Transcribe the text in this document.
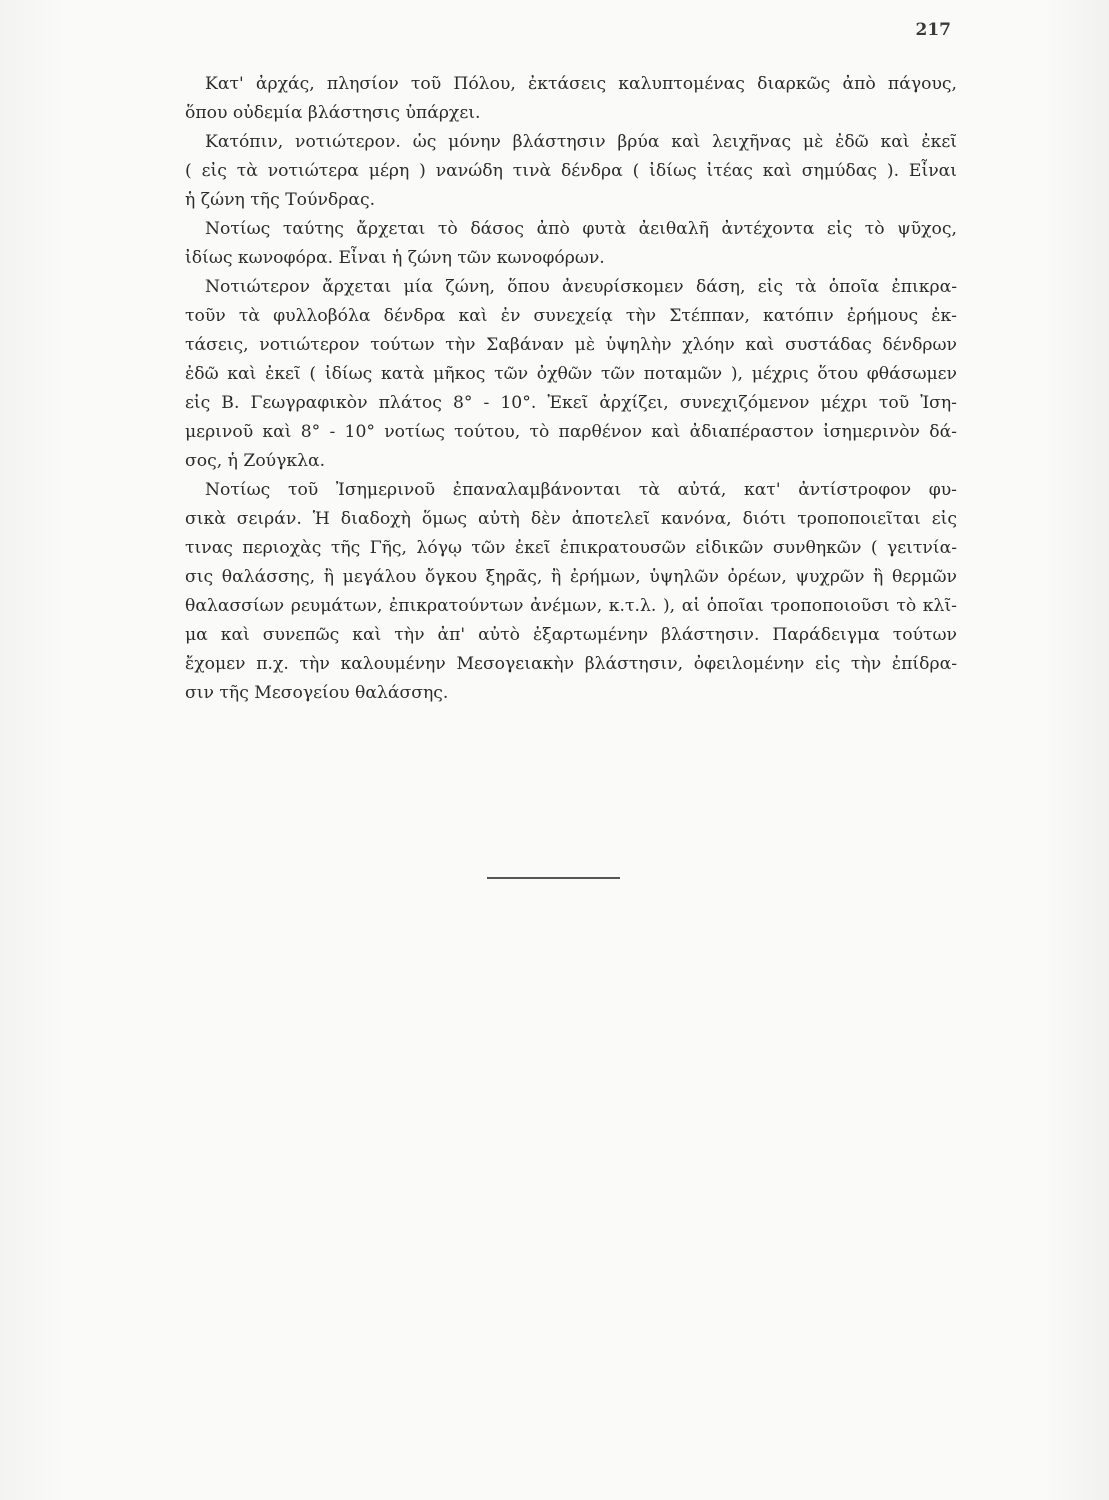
217
Κατ' ἀρχάς, πλησίον τοῦ Πόλου, ἐκτάσεις καλυπτομένας διαρκῶς ἀπὸ πάγους,
ὅπου οὐδεμία βλάστησις ὑπάρχει.
Κατόπιν, νοτιώτερον. ὡς μόνην βλάστησιν βρύα καὶ λειχῆνας μὲ ἐδῶ καὶ ἐκεῖ
( εἰς τὰ νοτιώτερα μέρη ) νανώδη τινὰ δένδρα ( ἰδίως ἰτέας καὶ σημύδας ). Εἶναι
ἡ ζώνη τῆς Τούνδρας.
Νοτίως ταύτης ἄρχεται τὸ δάσος ἀπὸ φυτὰ ἀειθαλῆ ἀντέχοντα εἰς τὸ ψῦχος,
ἰδίως κωνοφόρα. Εἶναι ἡ ζώνη τῶν κωνοφόρων.
Νοτιώτερον ἄρχεται μία ζώνη, ὅπου ἀνευρίσκομεν δάση, εἰς τὰ ὁποῖα ἐπικρα-
τοῦν τὰ φυλλοβόλα δένδρα καὶ ἐν συνεχείᾳ τὴν Στέππαν, κατόπιν ἐρήμους ἐκ-
τάσεις, νοτιώτερον τούτων τὴν Σαβάναν μὲ ὑψηλὴν χλόην καὶ συστάδας δένδρων
ἐδῶ καὶ ἐκεῖ ( ἰδίως κατὰ μῆκος τῶν ὀχθῶν τῶν ποταμῶν ), μέχρις ὅτου φθάσωμεν
εἰς Β. Γεωγραφικὸν πλάτος 8° - 10°. Ἐκεῖ ἀρχίζει, συνεχιζόμενον μέχρι τοῦ Ἰση-
μερινοῦ καὶ 8° - 10° νοτίως τούτου, τὸ παρθένον καὶ ἀδιαπέραστον ἰσημερινὸν δά-
σος, ἡ Ζούγκλα.
Νοτίως τοῦ Ἰσημερινοῦ ἐπαναλαμβάνονται τὰ αὐτά, κατ' ἀντίστροφον φυ-
σικὰ σειράν. Ἡ διαδοχὴ ὅμως αὐτὴ δὲν ἀποτελεῖ κανόνα, διότι τροποποιεῖται εἰς
τινας περιοχὰς τῆς Γῆς, λόγῳ τῶν ἐκεῖ ἐπικρατουσῶν εἰδικῶν συνθηκῶν ( γειτνία-
σις θαλάσσης, ἢ μεγάλου ὄγκου ξηρᾶς, ἢ ἐρήμων, ὑψηλῶν ὀρέων, ψυχρῶν ἢ θερμῶν
θαλασσίων ρευμάτων, ἐπικρατούντων ἀνέμων, κ.τ.λ. ), αἱ ὁποῖαι τροποποιοῦσι τὸ κλῖ-
μα καὶ συνεπῶς καὶ τὴν ἀπ' αὐτὸ ἐξαρτωμένην βλάστησιν. Παράδειγμα τούτων
ἔχομεν π.χ. τὴν καλουμένην Μεσογειακὴν βλάστησιν, ὀφειλομένην εἰς τὴν ἐπίδρα-
σιν τῆς Μεσογείου θαλάσσης.
